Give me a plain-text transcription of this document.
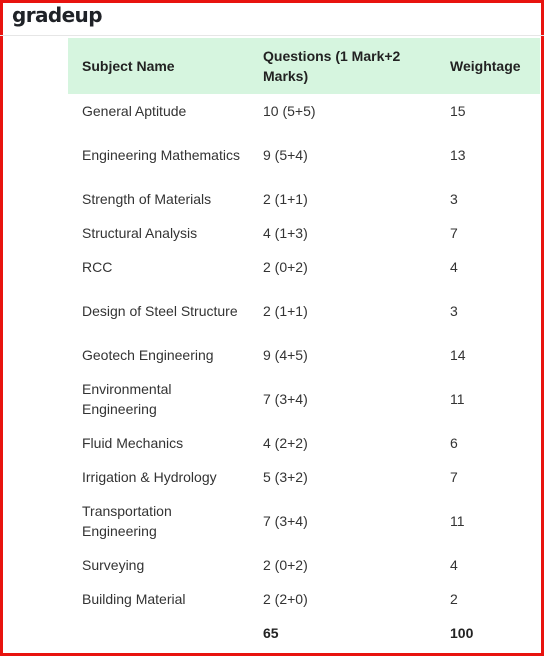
gradeup
Subject Name	Questions (1 Mark+2 Marks)	Weightage
General Aptitude	10 (5+5)	15
Engineering Mathematics	9 (5+4)	13
Strength of Materials	2 (1+1)	3
Structural Analysis	4 (1+3)	7
RCC	2 (0+2)	4
Design of Steel Structure	2 (1+1)	3
Geotech Engineering	9 (4+5)	14
Environmental Engineering	7 (3+4)	11
Fluid Mechanics	4 (2+2)	6
Irrigation & Hydrology	5 (3+2)	7
Transportation Engineering	7 (3+4)	11
Surveying	2 (0+2)	4
Building Material	2 (2+0)	2
	65	100
